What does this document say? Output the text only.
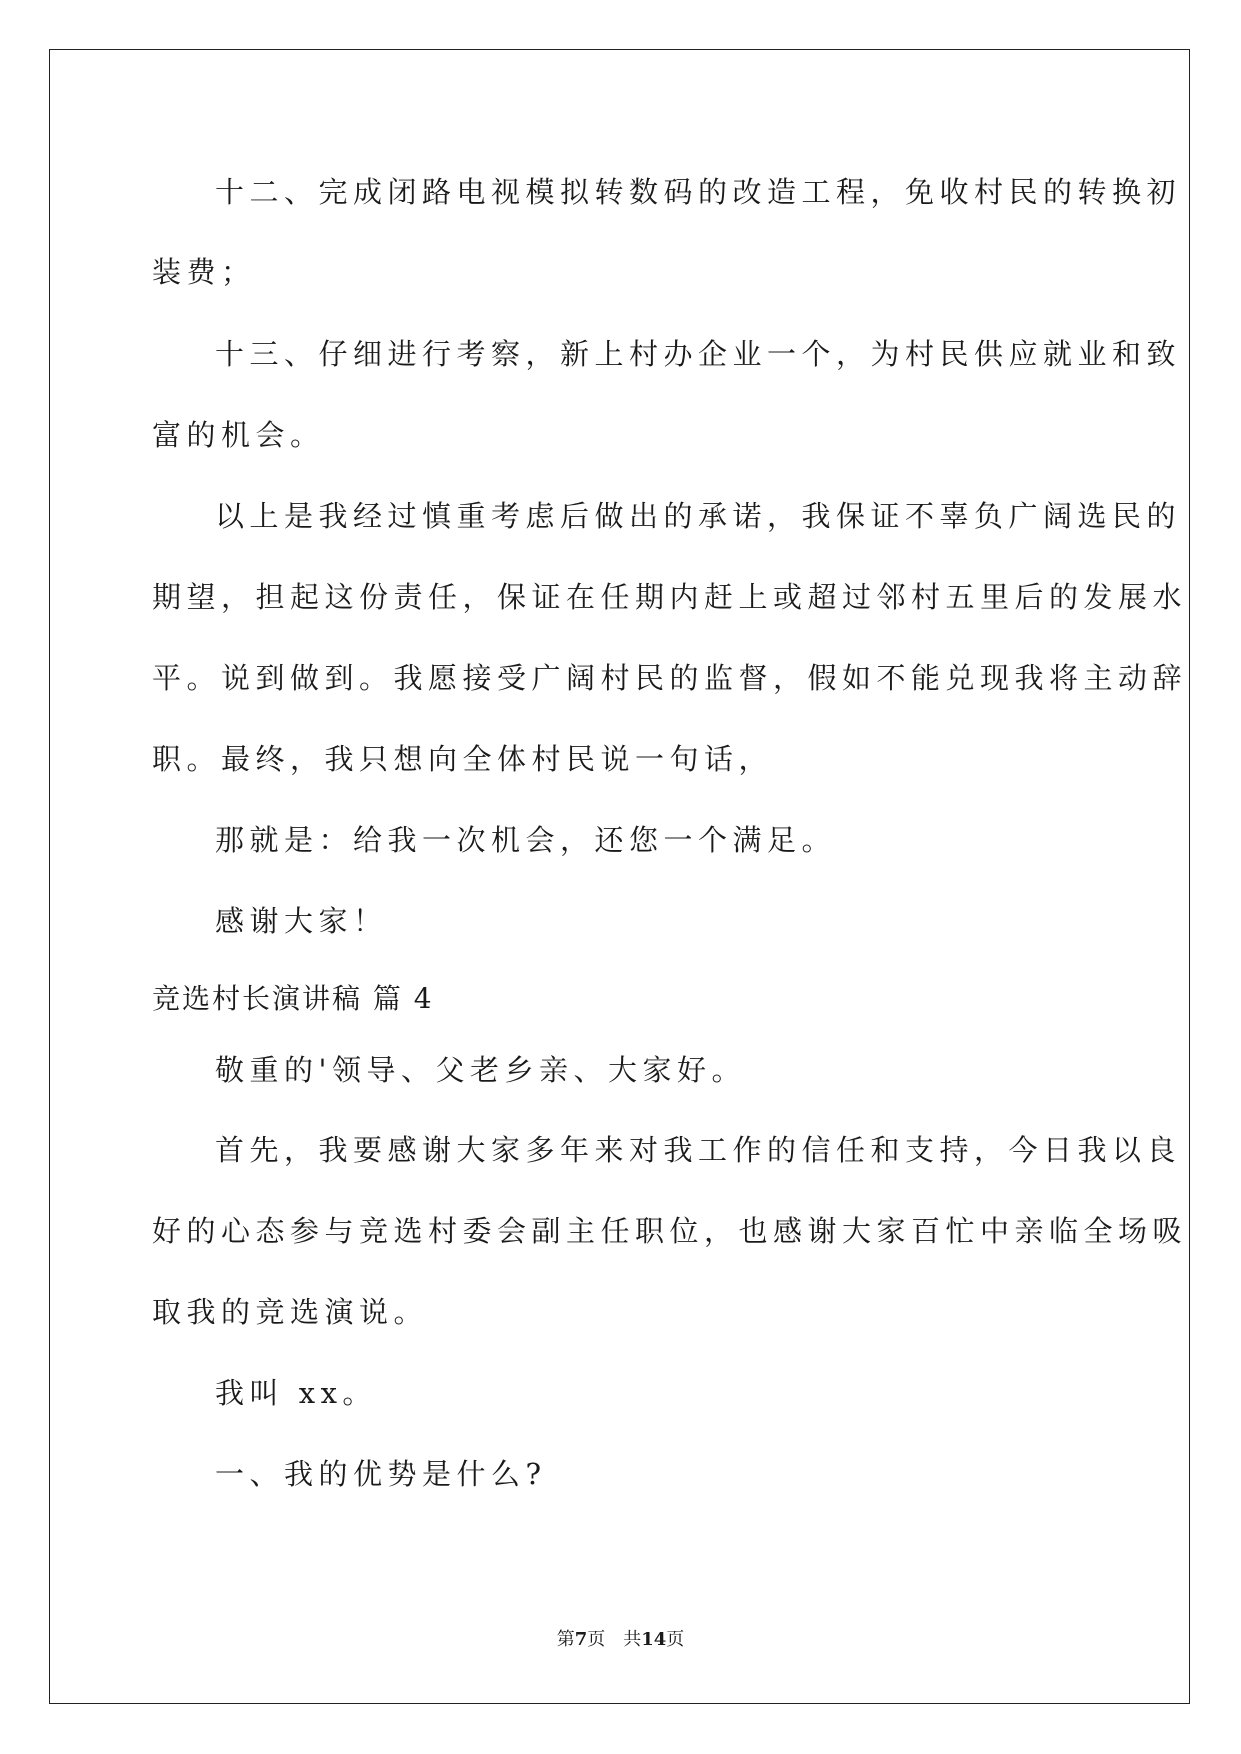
十二、完成闭路电视模拟转数码的改造工程，免收村民的转换初
装费；
十三、仔细进行考察，新上村办企业一个，为村民供应就业和致
富的机会。
以上是我经过慎重考虑后做出的承诺，我保证不辜负广阔选民的
期望，担起这份责任，保证在任期内赶上或超过邻村五里后的发展水
平。说到做到。我愿接受广阔村民的监督，假如不能兑现我将主动辞
职。最终，我只想向全体村民说一句话，
那就是：给我一次机会，还您一个满足。
感谢大家！
竞选村长演讲稿 篇 4
敬重的'领导、父老乡亲、大家好。
首先，我要感谢大家多年来对我工作的信任和支持，今日我以良
好的心态参与竞选村委会副主任职位，也感谢大家百忙中亲临全场吸
取我的竞选演说。
我叫 xx。
一、我的优势是什么?
第7页　共14页
